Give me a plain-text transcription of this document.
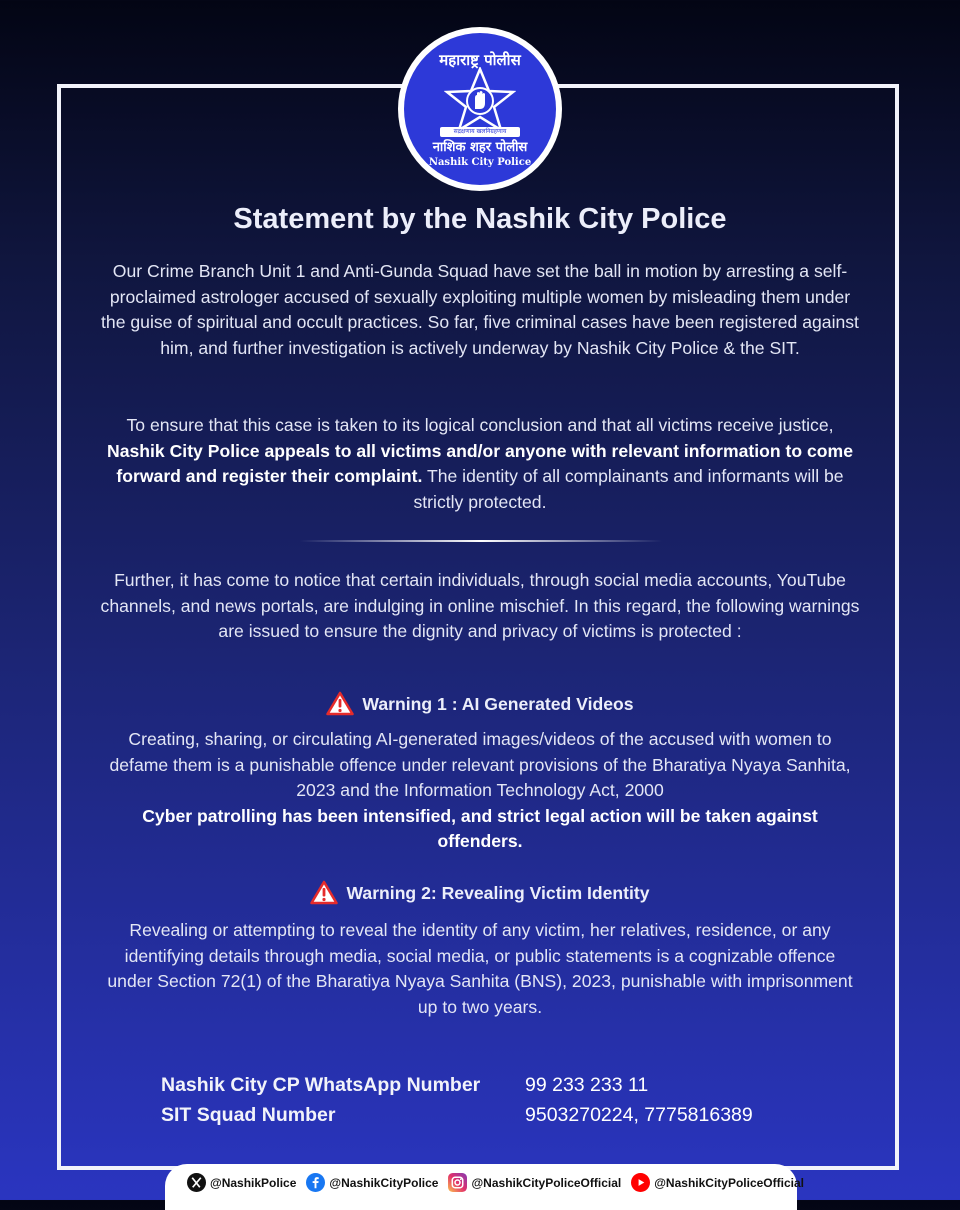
महाराष्ट्र पोलीस
सद्रक्षणाय खलनिग्रहणाय
नाशिक शहर पोलीस
Nashik City Police
Statement by the Nashik City Police

Our Crime Branch Unit 1 and Anti-Gunda Squad have set the ball in motion by arresting a self-proclaimed astrologer accused of sexually exploiting multiple women by misleading them under the guise of spiritual and occult practices. So far, five criminal cases have been registered against him, and further investigation is actively underway by Nashik City Police & the SIT.

To ensure that this case is taken to its logical conclusion and that all victims receive justice, Nashik City Police appeals to all victims and/or anyone with relevant information to come forward and register their complaint. The identity of all complainants and informants will be strictly protected.

Further, it has come to notice that certain individuals, through social media accounts, YouTube channels, and news portals, are indulging in online mischief. In this regard, the following warnings are issued to ensure the dignity and privacy of victims is protected :

Warning 1 : AI Generated Videos

Creating, sharing, or circulating AI-generated images/videos of the accused with women to defame them is a punishable offence under relevant provisions of the Bharatiya Nyaya Sanhita, 2023 and the Information Technology Act, 2000
Cyber patrolling has been intensified, and strict legal action will be taken against offenders.

Warning 2: Revealing Victim Identity

Revealing or attempting to reveal the identity of any victim, her relatives, residence, or any identifying details through media, social media, or public statements is a cognizable offence under Section 72(1) of the Bharatiya Nyaya Sanhita (BNS), 2023, punishable with imprisonment up to two years.

Nashik City CP WhatsApp Number 99 233 233 11
SIT Squad Number	9503270224, 7775816389
@NashikPolice	@NashikCityPolice	@NashikCityPoliceOfficial	@NashikCityPoliceOfficial
